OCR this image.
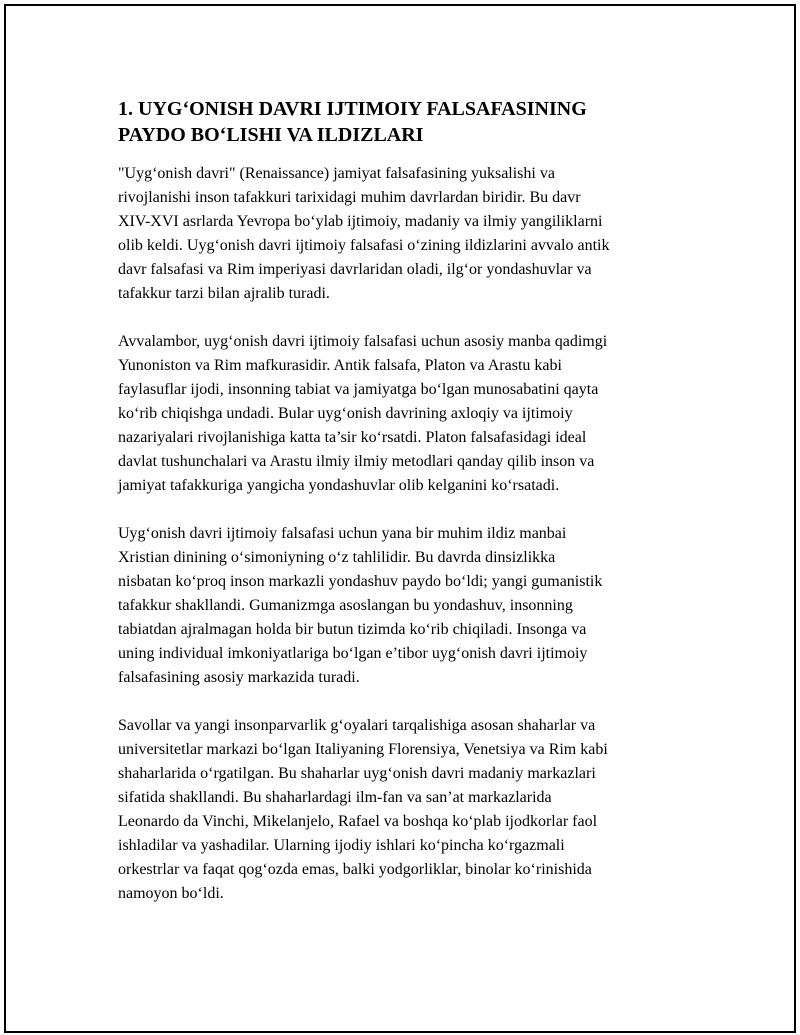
1. UYG‘ONISH DAVRI IJTIMOIY FALSAFASINING
PAYDO BO‘LISHI VA ILDIZLARI

"Uyg‘onish davri" (Renaissance) jamiyat falsafasining yuksalishi va
rivojlanishi inson tafakkuri tarixidagi muhim davrlardan biridir. Bu davr
XIV-XVI asrlarda Yevropa bo‘ylab ijtimoiy, madaniy va ilmiy yangiliklarni
olib keldi. Uyg‘onish davri ijtimoiy falsafasi o‘zining ildizlarini avvalo antik
davr falsafasi va Rim imperiyasi davrlaridan oladi, ilg‘or yondashuvlar va
tafakkur tarzi bilan ajralib turadi.

Avvalambor, uyg‘onish davri ijtimoiy falsafasi uchun asosiy manba qadimgi
Yunoniston va Rim mafkurasidir. Antik falsafa, Platon va Arastu kabi
faylasuflar ijodi, insonning tabiat va jamiyatga bo‘lgan munosabatini qayta
ko‘rib chiqishga undadi. Bular uyg‘onish davrining axloqiy va ijtimoiy
nazariyalari rivojlanishiga katta ta’sir ko‘rsatdi. Platon falsafasidagi ideal
davlat tushunchalari va Arastu ilmiy ilmiy metodlari qanday qilib inson va
jamiyat tafakkuriga yangicha yondashuvlar olib kelganini ko‘rsatadi.

Uyg‘onish davri ijtimoiy falsafasi uchun yana bir muhim ildiz manbai
Xristian dinining o‘simoniyning o‘z tahlilidir. Bu davrda dinsizlikka
nisbatan ko‘proq inson markazli yondashuv paydo bo‘ldi; yangi gumanistik
tafakkur shakllandi. Gumanizmga asoslangan bu yondashuv, insonning
tabiatdan ajralmagan holda bir butun tizimda ko‘rib chiqiladi. Insonga va
uning individual imkoniyatlariga bo‘lgan e’tibor uyg‘onish davri ijtimoiy
falsafasining asosiy markazida turadi.

Savollar va yangi insonparvarlik g‘oyalari tarqalishiga asosan shaharlar va
universitetlar markazi bo‘lgan Italiyaning Florensiya, Venetsiya va Rim kabi
shaharlarida o‘rgatilgan. Bu shaharlar uyg‘onish davri madaniy markazlari
sifatida shakllandi. Bu shaharlardagi ilm-fan va san’at markazlarida
Leonardo da Vinchi, Mikelanjelo, Rafael va boshqa ko‘plab ijodkorlar faol
ishladilar va yashadilar. Ularning ijodiy ishlari ko‘pincha ko‘rgazmali
orkestrlar va faqat qog‘ozda emas, balki yodgorliklar, binolar ko‘rinishida
namoyon bo‘ldi.
